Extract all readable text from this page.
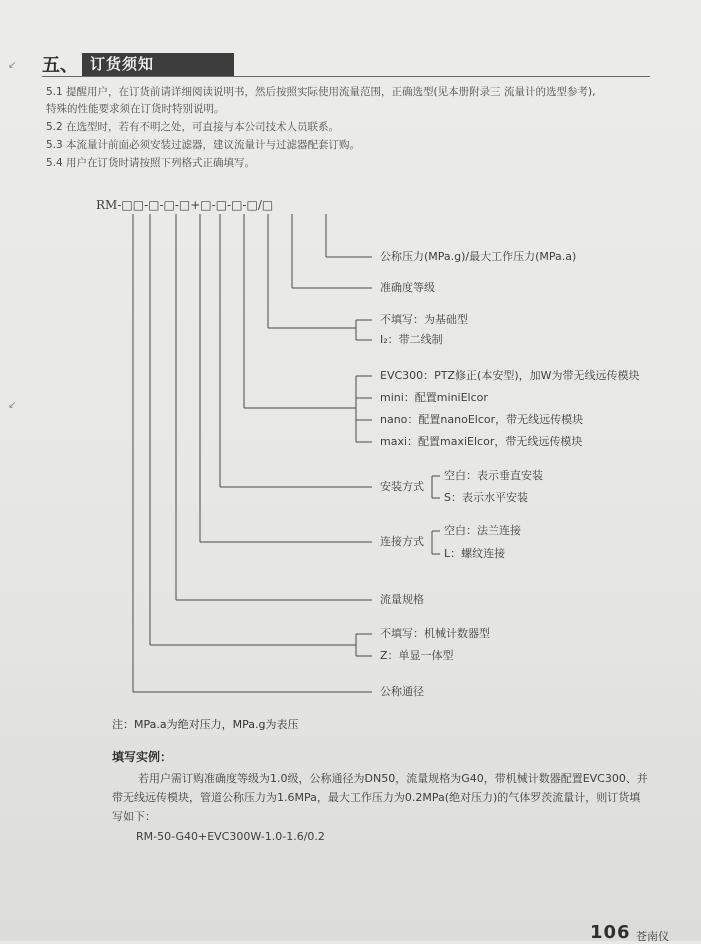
↙
↙
五、 订货须知
5.1 提醒用户，在订货前请详细阅读说明书，然后按照实际使用流量范围，正确选型(见本册附录三 流量计的选型参考),
特殊的性能要求须在订货时特别说明。
5.2 在选型时，若有不明之处，可直接与本公司技术人员联系。
5.3 本流量计前面必须安装过滤器，建议流量计与过滤器配套订购。
5.4 用户在订货时请按照下列格式正确填写。
RM-□□-□-□-□+□-□-□-□/□
公称压力(MPa.g)/最大工作压力(MPa.a)
准确度等级
不填写：为基础型
I₂：带二线制
EVC300：PTZ修正(本安型)，加W为带无线远传模块
mini：配置miniElcor
nano：配置nanoElcor，带无线远传模块
maxi：配置maxiElcor，带无线远传模块
安装方式
空白：表示垂直安装
S：表示水平安装
连接方式
空白：法兰连接
L：螺纹连接
流量规格
不填写：机械计数器型
Z：单显一体型
公称通径
注：MPa.a为绝对压力，MPa.g为表压
填写实例：
若用户需订购准确度等级为1.0级，公称通径为DN50，流量规格为G40，带机械计数器配置EVC300、并
带无线远传模块，管道公称压力为1.6MPa，最大工作压力为0.2MPa(绝对压力)的气体罗茨流量计，则订货填
写如下：
RM-50-G40+EVC300W-1.0-1.6/0.2
106 苍南仪
